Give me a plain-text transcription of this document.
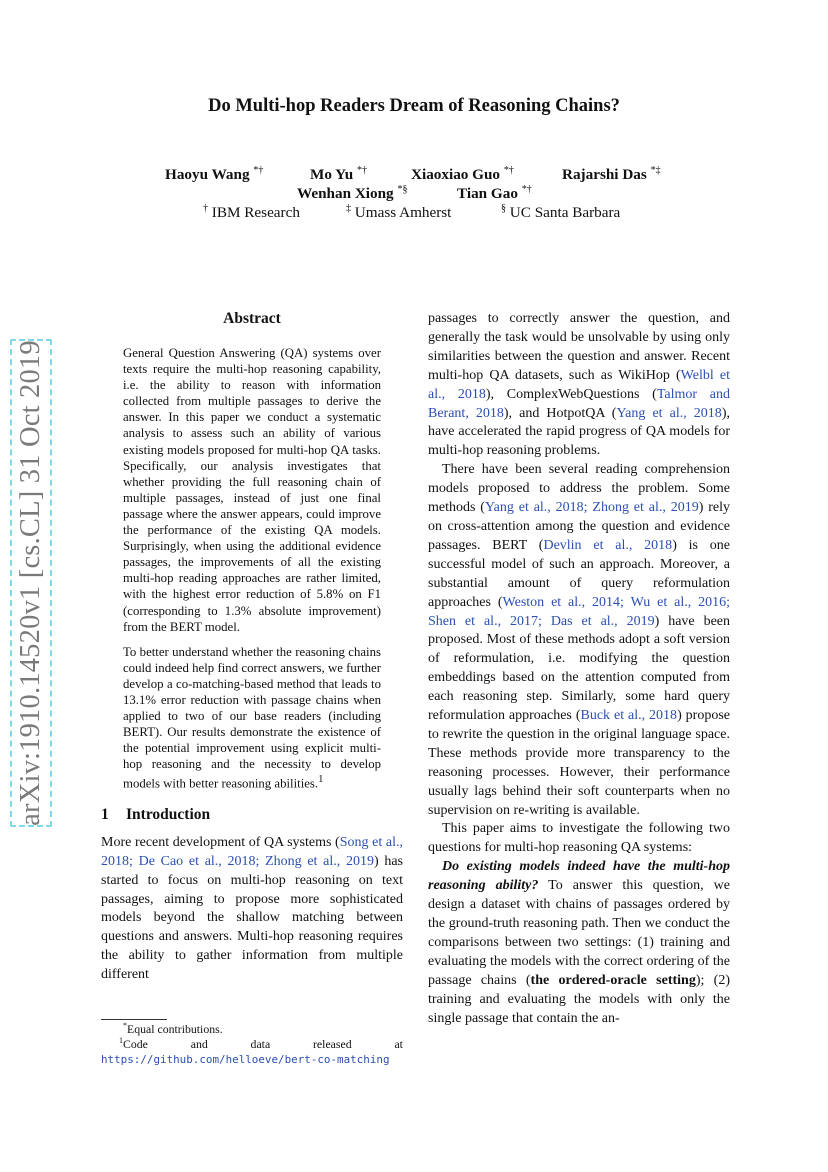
Do Multi-hop Readers Dream of Reasoning Chains?
Haoyu Wang *†	Mo Yu *†	Xiaoxiao Guo *†	Rajarshi Das *‡
Wenhan Xiong *§	Tian Gao *†
† IBM Research	‡ Umass Amherst	§ UC Santa Barbara
arXiv:1910.14520v1 [cs.CL] 31 Oct 2019
Abstract

General Question Answering (QA) systems over texts require the multi-hop reasoning capability, i.e. the ability to reason with information collected from multiple passages to derive the answer. In this paper we conduct a systematic analysis to assess such an ability of various existing models proposed for multi-hop QA tasks. Specifically, our analysis investigates that whether providing the full reasoning chain of multiple passages, instead of just one final passage where the answer appears, could improve the performance of the existing QA models. Surprisingly, when using the additional evidence passages, the improvements of all the existing multi-hop reading approaches are rather limited, with the highest error reduction of 5.8% on F1 (corresponding to 1.3% absolute improvement) from the BERT model.

To better understand whether the reasoning chains could indeed help find correct answers, we further develop a co-matching-based method that leads to 13.1% error reduction with passage chains when applied to two of our base readers (including BERT). Our results demonstrate the existence of the potential improvement using explicit multi-hop reasoning and the necessity to develop models with better reasoning abilities.$^1$

1 Introduction

More recent development of QA systems (Song et al., 2018; De Cao et al., 2018; Zhong et al., 2019) has started to focus on multi-hop reasoning on text passages, aiming to propose more sophisticated models beyond the shallow matching between questions and answers. Multi-hop reasoning requires the ability to gather information from multiple different

passages to correctly answer the question, and generally the task would be unsolvable by using only similarities between the question and answer. Recent multi-hop QA datasets, such as WikiHop (Welbl et al., 2018), ComplexWebQuestions (Talmor and Berant, 2018), and HotpotQA (Yang et al., 2018), have accelerated the rapid progress of QA models for multi-hop reasoning problems.

There have been several reading comprehension models proposed to address the problem. Some methods (Yang et al., 2018; Zhong et al., 2019) rely on cross-attention among the question and evidence passages. BERT (Devlin et al., 2018) is one successful model of such an approach. Moreover, a substantial amount of query reformulation approaches (Weston et al., 2014; Wu et al., 2016; Shen et al., 2017; Das et al., 2019) have been proposed. Most of these methods adopt a soft version of reformulation, i.e. modifying the question embeddings based on the attention computed from each reasoning step. Similarly, some hard query reformulation approaches (Buck et al., 2018) propose to rewrite the question in the original language space. These methods provide more transparency to the reasoning processes. However, their performance usually lags behind their soft counterparts when no supervision on re-writing is available.

This paper aims to investigate the following two questions for multi-hop reasoning QA systems:

Do existing models indeed have the multi-hop reasoning ability? To answer this question, we design a dataset with chains of passages ordered by the ground-truth reasoning path. Then we conduct the comparisons between two settings: (1) training and evaluating the models with the correct ordering of the passage chains (the ordered-oracle setting); (2) training and evaluating the models with only the single passage that contain the an-

*Equal contributions.
$^1$Code	and	data	released	at
https://github.com/helloeve/bert-co-matching
